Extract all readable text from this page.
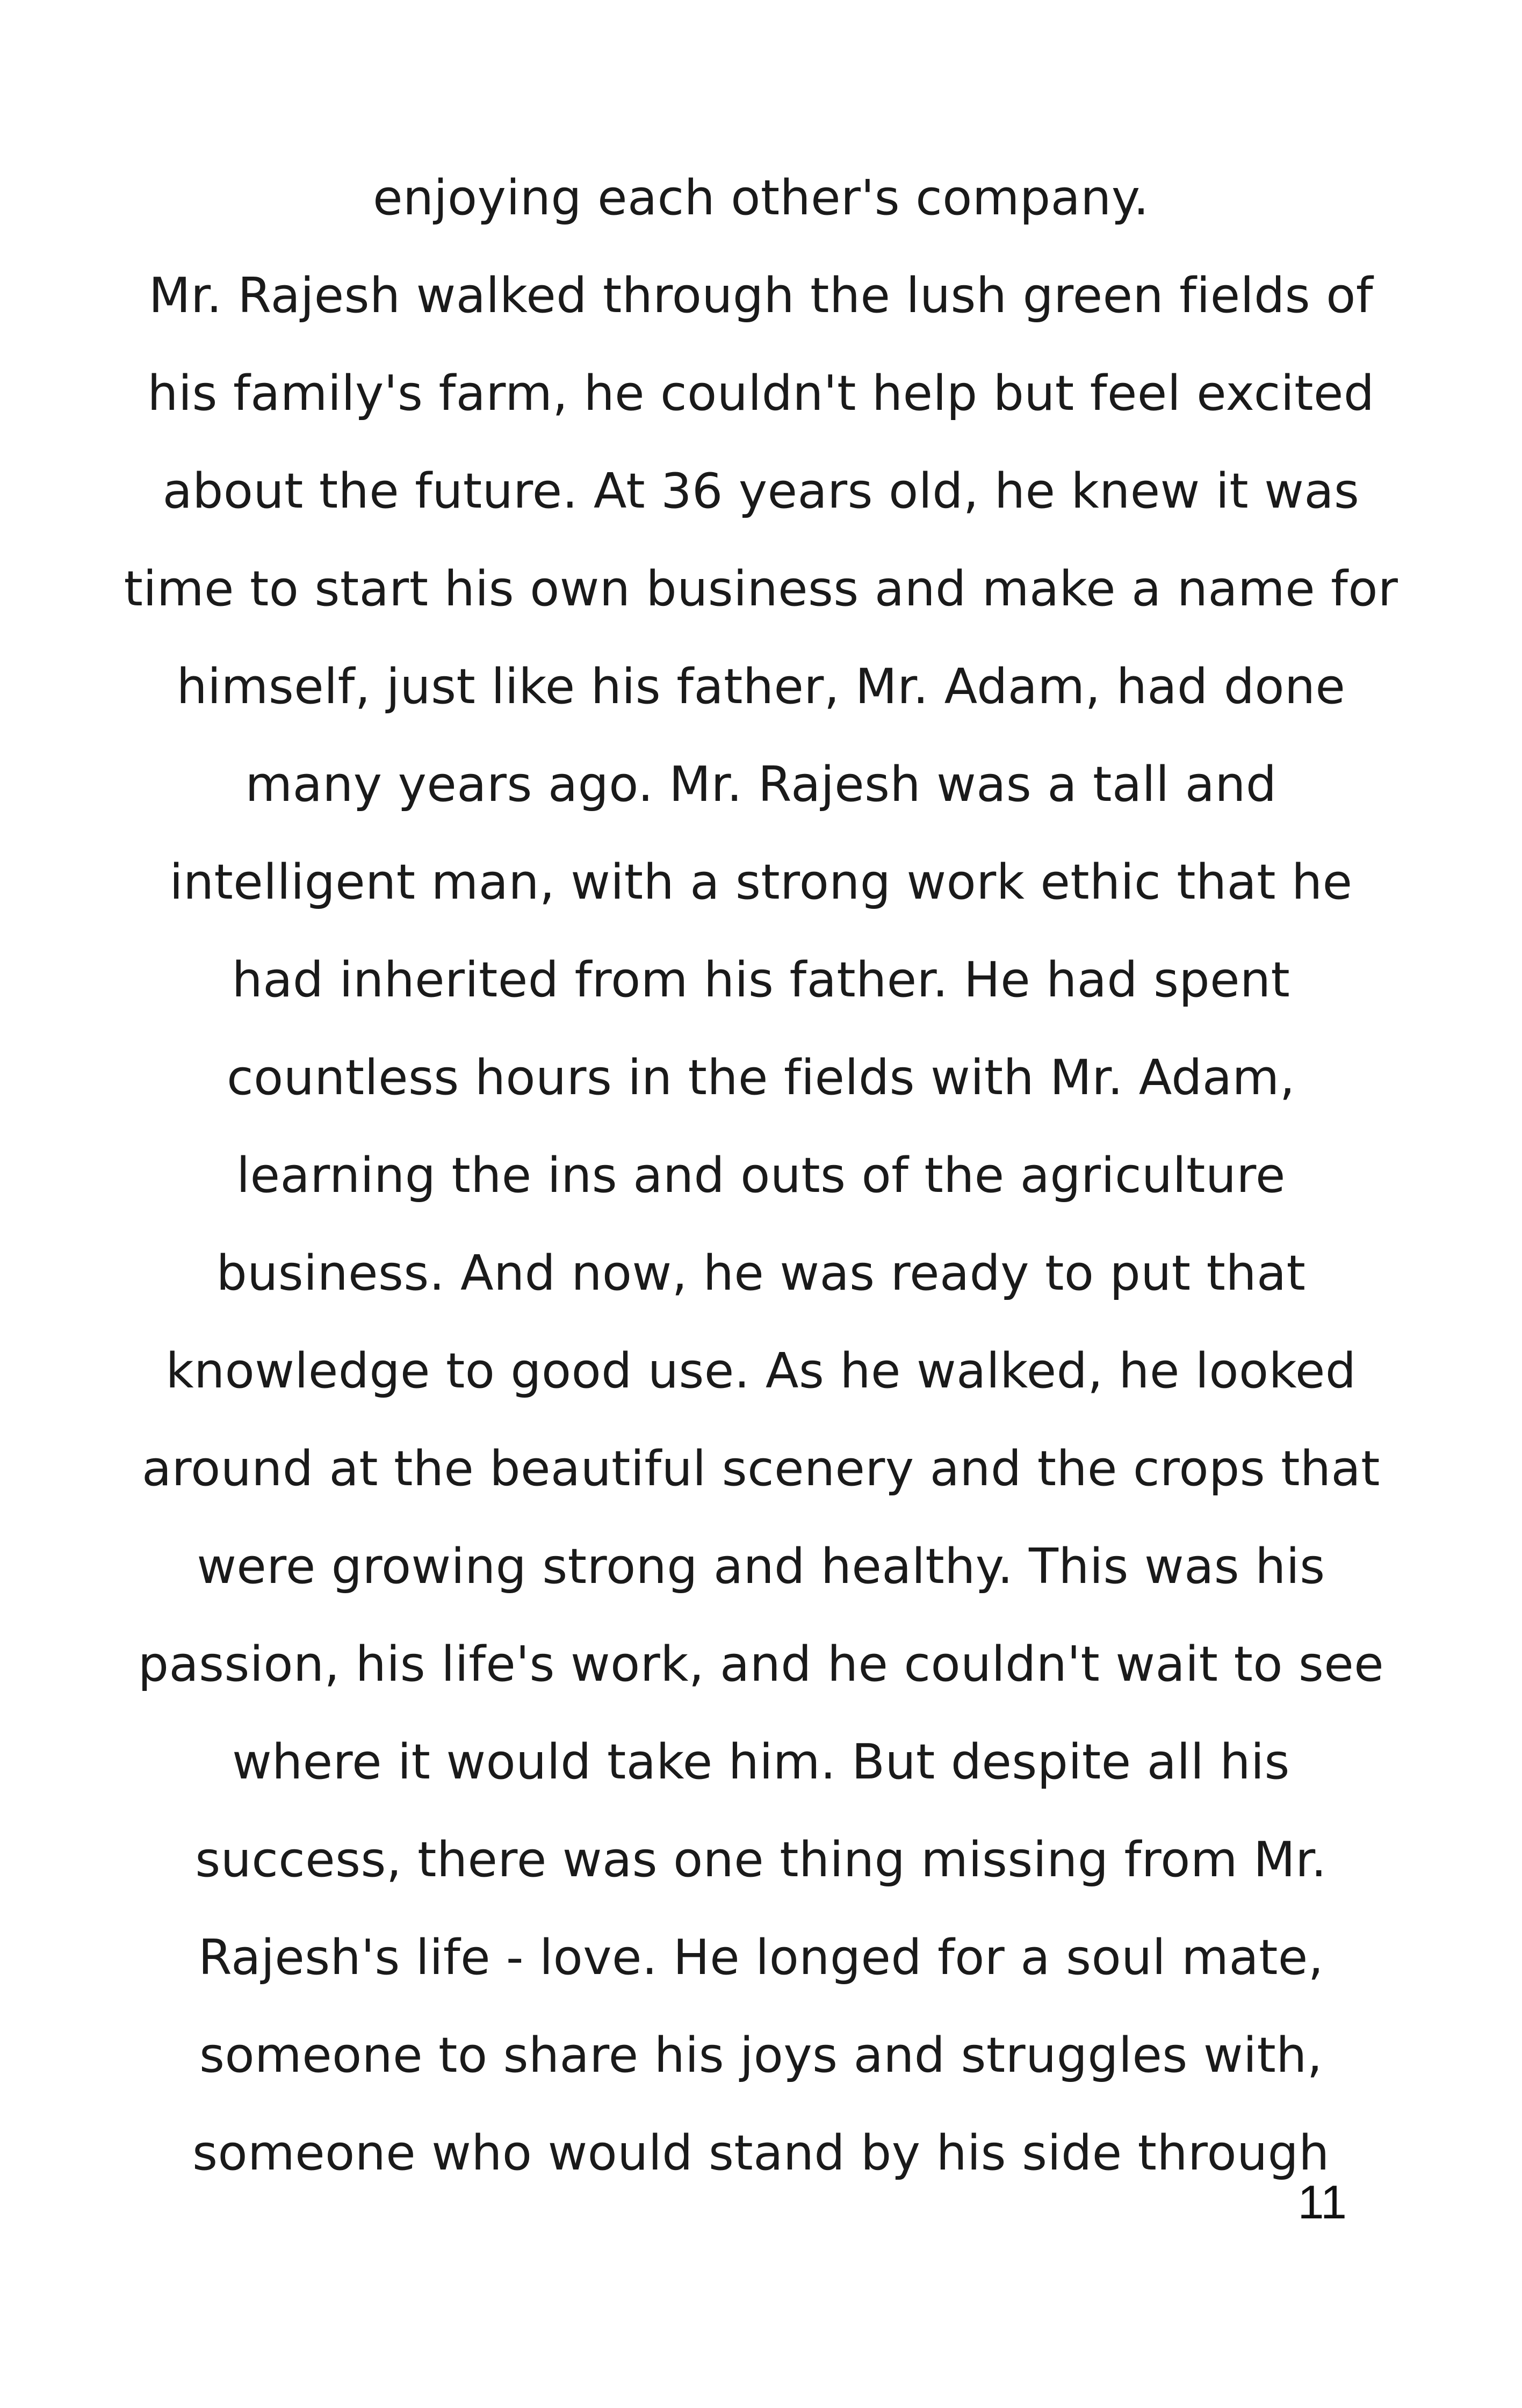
enjoying each other's company.
Mr. Rajesh walked through the lush green fields of
his family's farm, he couldn't help but feel excited
about the future. At 36 years old, he knew it was
time to start his own business and make a name for
himself, just like his father, Mr. Adam, had done
many years ago. Mr. Rajesh was a tall and
intelligent man, with a strong work ethic that he
had inherited from his father. He had spent
countless hours in the fields with Mr. Adam,
learning the ins and outs of the agriculture
business. And now, he was ready to put that
knowledge to good use. As he walked, he looked
around at the beautiful scenery and the crops that
were growing strong and healthy. This was his
passion, his life's work, and he couldn't wait to see
where it would take him. But despite all his
success, there was one thing missing from Mr.
Rajesh's life - love. He longed for a soul mate,
someone to share his joys and struggles with,
someone who would stand by his side through
11
